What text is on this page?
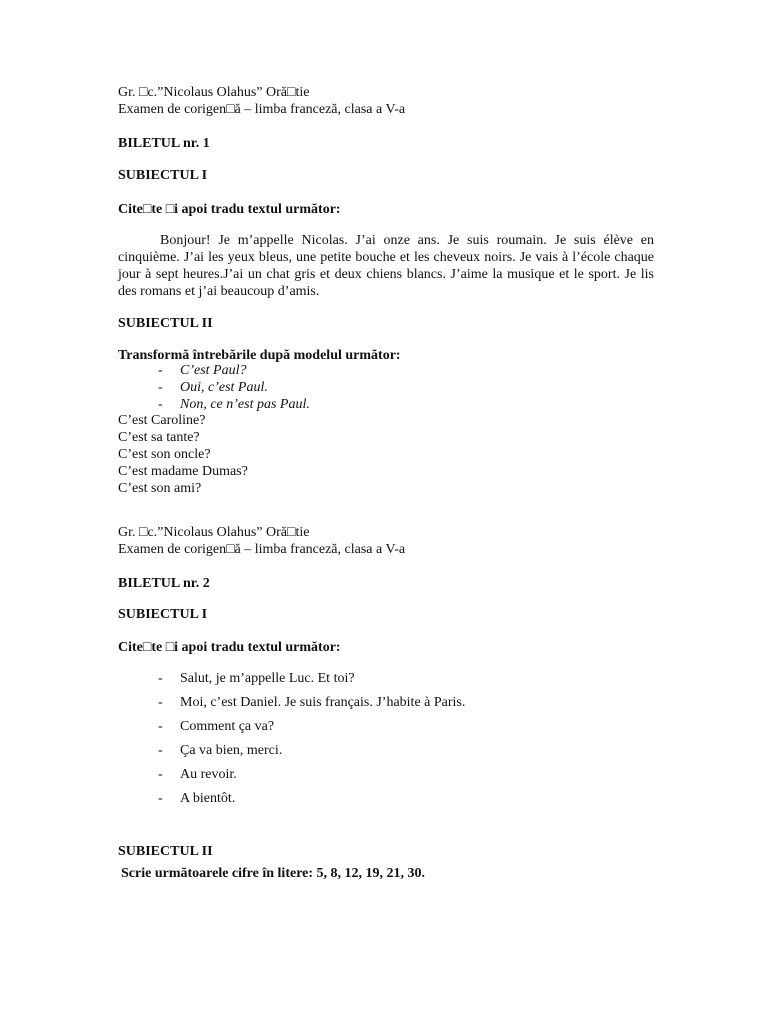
Gr. □c.”Nicolaus Olahus” Oră□tie
Examen de corigen□ă – limba franceză, clasa a V-a
BILETUL nr. 1
SUBIECTUL I
Cite□te □i apoi tradu textul următor:
Bonjour! Je m’appelle Nicolas. J’ai onze ans. Je suis roumain. Je suis élève en cinquième. J’ai les yeux bleus, une petite bouche et les cheveux noirs. Je vais à l’école chaque jour à sept heures.J’ai un chat gris et deux chiens blancs. J’aime la musique et le sport. Je lis des romans et j’ai beaucoup d’amis.
SUBIECTUL II
Transformă întrebările după modelul următor:
- C’est Paul?
- Oui, c’est Paul.
- Non, ce n’est pas Paul.
C’est Caroline?
C’est sa tante?
C’est son oncle?
C’est madame Dumas?
C’est son ami?
Gr. □c.”Nicolaus Olahus” Oră□tie
Examen de corigen□ă – limba franceză, clasa a V-a
BILETUL nr. 2
SUBIECTUL I
Cite□te □i apoi tradu textul următor:
- Salut, je m’appelle Luc. Et toi?
- Moi, c’est Daniel. Je suis français. J’habite à Paris.
- Comment ça va?
- Ça va bien, merci.
- Au revoir.
- A bientôt.
SUBIECTUL II
Scrie următoarele cifre în litere: 5, 8, 12, 19, 21, 30.
